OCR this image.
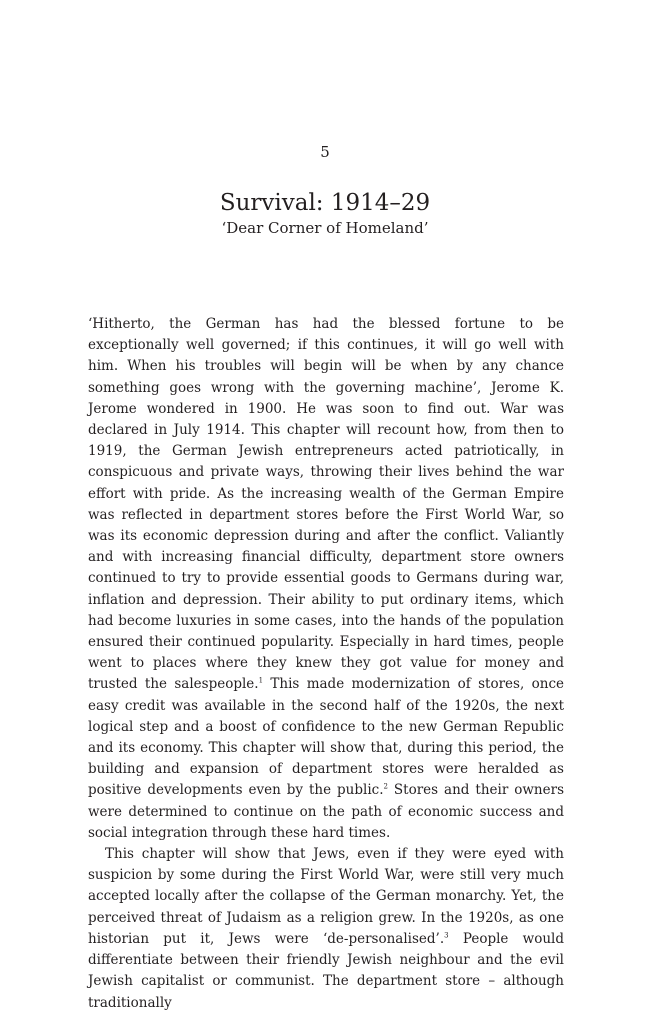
5
Survival: 1914–29
‘Dear Corner of Homeland’

‘Hitherto, the German has had the blessed fortune to be exceptionally well governed; if this continues, it will go well with him. When his troubles will begin will be when by any chance something goes wrong with the governing machine’, Jerome K. Jerome wondered in 1900. He was soon to find out. War was declared in July 1914. This chapter will recount how, from then to 1919, the German Jewish entrepreneurs acted patriotically, in conspicuous and private ways, throwing their lives behind the war effort with pride. As the increasing wealth of the German Empire was reflected in department stores before the First World War, so was its economic depression during and after the conflict. Valiantly and with increasing financial difficulty, department store owners continued to try to provide essential goods to Germans during war, inflation and depression. Their ability to put ordinary items, which had become luxuries in some cases, into the hands of the population ensured their continued popularity. Especially in hard times, people went to places where they knew they got value for money and trusted the salespeople.$^1$ This made modernization of stores, once easy credit was available in the second half of the 1920s, the next logical step and a boost of confidence to the new German Republic and its economy. This chapter will show that, during this period, the building and expansion of department stores were heralded as positive developments even by the public.$^2$ Stores and their owners were determined to continue on the path of economic success and social integration through these hard times.

This chapter will show that Jews, even if they were eyed with suspicion by some during the First World War, were still very much accepted locally after the collapse of the German monarchy. Yet, the perceived threat of Judaism as a religion grew. In the 1920s, as one historian put it, Jews were ‘de-personalised’.$^3$ People would differentiate between their friendly Jewish neighbour and the evil Jewish capitalist or communist. The department store – although traditionally
